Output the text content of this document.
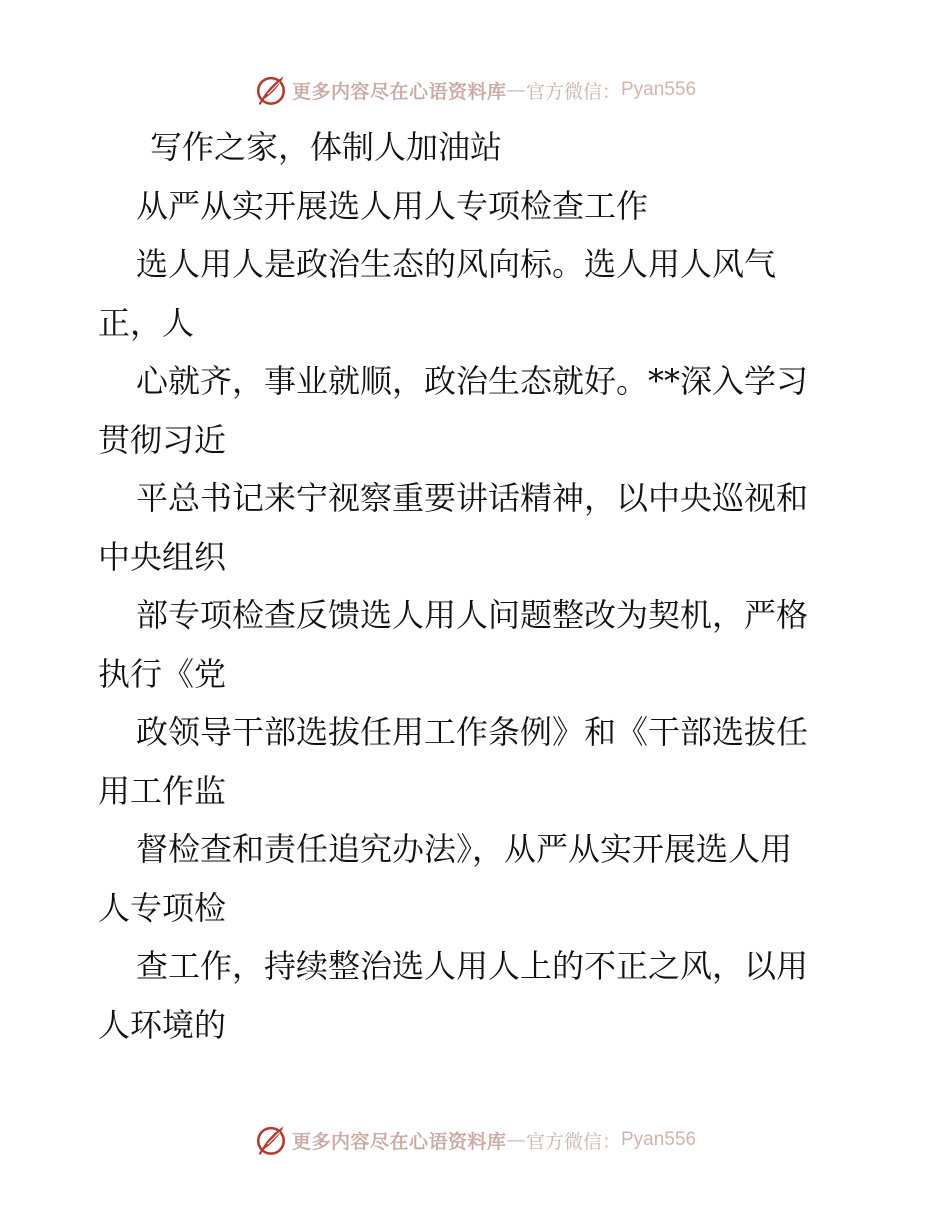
更多内容尽在心语资料库 — 官方微信： Pyan556
写作之家，体制人加油站
从严从实开展选人用人专项检查工作
选人用人是政治生态的风向标。选人用人风气
正，人
心就齐，事业就顺，政治生态就好。**深入学习
贯彻习近
平总书记来宁视察重要讲话精神，以中央巡视和
中央组织
部专项检查反馈选人用人问题整改为契机，严格
执行《党
政领导干部选拔任用工作条例》和《干部选拔任
用工作监
督检查和责任追究办法》，从严从实开展选人用
人专项检
查工作，持续整治选人用人上的不正之风，以用
人环境的
更多内容尽在心语资料库 — 官方微信： Pyan556
